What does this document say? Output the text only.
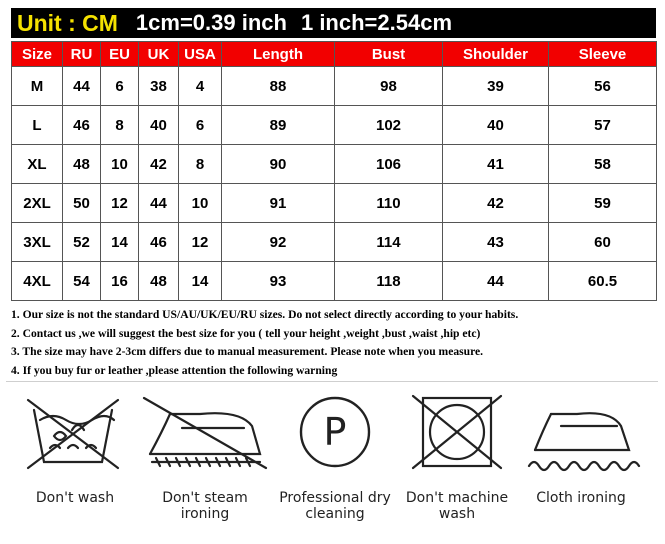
Unit : CM 1cm=0.39 inch 1 inch=2.54cm
Size	RU	EU	UK	USA	Length	Bust	Shoulder	Sleeve
M	44	6	38	4	88	98	39	56
L	46	8	40	6	89	102	40	57
XL	48	10	42	8	90	106	41	58
2XL	50	12	44	10	91	110	42	59
3XL	52	14	46	12	92	114	43	60
4XL	54	16	48	14	93	118	44	60.5
1. Our size is not the standard US/AU/UK/EU/RU sizes. Do not select directly according to your habits.
2. Contact us ,we will suggest the best size for you ( tell your height ,weight ,bust ,waist ,hip etc)
3. The size may have 2-3cm differs due to manual measurement. Please note when you measure.
4. If you buy fur or leather ,please attention the following warning
Don't wash	Don't steam
ironing
P
Professional dry
cleaning
Don't machine
wash
Cloth ironing
